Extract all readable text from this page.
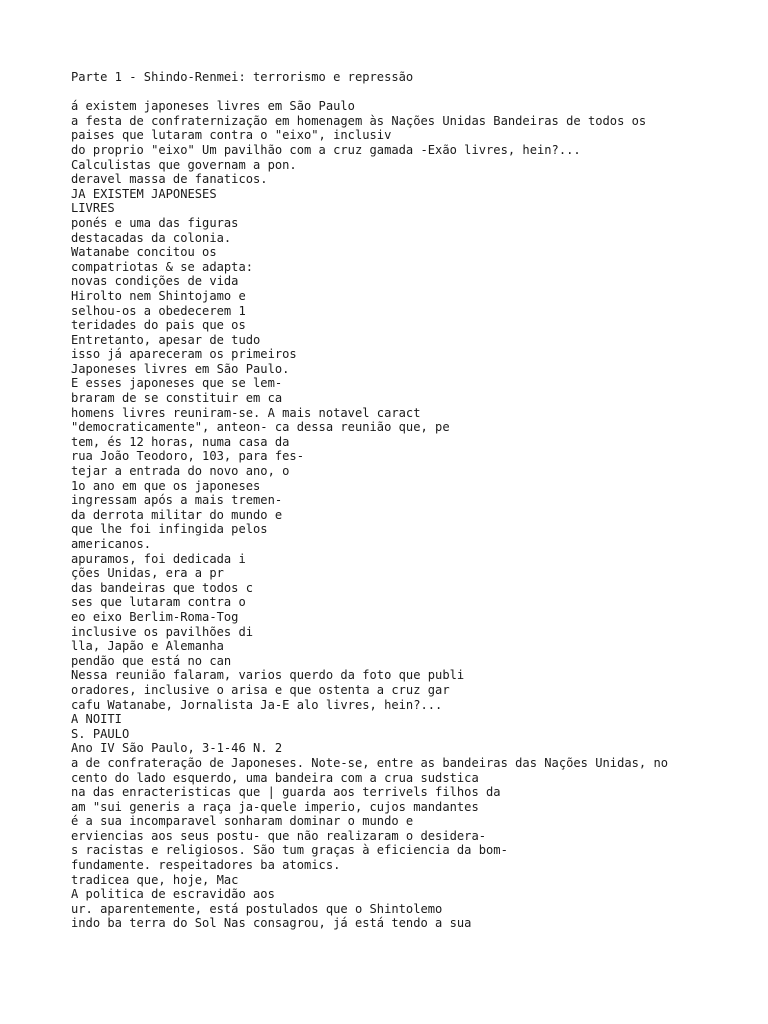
Parte 1 - Shindo-Renmei: terrorismo e repressão
á existem japoneses livres em São Paulo
a festa de confraternização em homenagem às Nações Unidas Bandeiras de todos os
paises que lutaram contra o "eixo", inclusiv
do proprio "eixo" Um pavilhão com a cruz gamada -Exão livres, hein?...
Calculistas que governam a pon.
deravel massa de fanaticos.
JA EXISTEM JAPONESES
LIVRES
ponés e uma das figuras
destacadas da colonia.
Watanabe concitou os
compatriotas & se adapta:
novas condições de vida
Hirolto nem Shintojamo e
selhou-os a obedecerem 1
teridades do pais que os
Entretanto, apesar de tudo
isso já apareceram os primeiros
Japoneses livres em São Paulo.
E esses japoneses que se lem-
braram de se constituir em ca
homens livres reuniram-se. A mais notavel caract
"democraticamente", anteon- ca dessa reunião que, pe
tem, és 12 horas, numa casa da
rua João Teodoro, 103, para fes-
tejar a entrada do novo ano, o
1o ano em que os japoneses
ingressam após a mais tremen-
da derrota militar do mundo e
que lhe foi infingida pelos
americanos.
apuramos, foi dedicada i
ções Unidas, era a pr
das bandeiras que todos c
ses que lutaram contra o
eo eixo Berlim-Roma-Tog
inclusive os pavilhões di
lla, Japão e Alemanha
pendão que está no can
Nessa reunião falaram, varios querdo da foto que publi
oradores, inclusive o arisa e que ostenta a cruz gar
cafu Watanabe, Jornalista Ja-E alo livres, hein?...
A NOITI
S. PAULO
Ano IV São Paulo, 3-1-46 N. 2
a de confrateração de Japoneses. Note-se, entre as bandeiras das Nações Unidas, no
cento do lado esquerdo, uma bandeira com a crua sudstica
na das enracteristicas que | guarda aos terrivels filhos da
am "sui generis a raça ja-quele imperio, cujos mandantes
é a sua incomparavel sonharam dominar o mundo e
erviencias aos seus postu- que não realizaram o desidera-
s racistas e religiosos. São tum graças à eficiencia da bom-
fundamente. respeitadores ba atomics.
tradicea que, hoje, Mac
A politica de escravidão aos
ur. aparentemente, está postulados que o Shintolemo
indo ba terra do Sol Nas consagrou, já está tendo a sua
